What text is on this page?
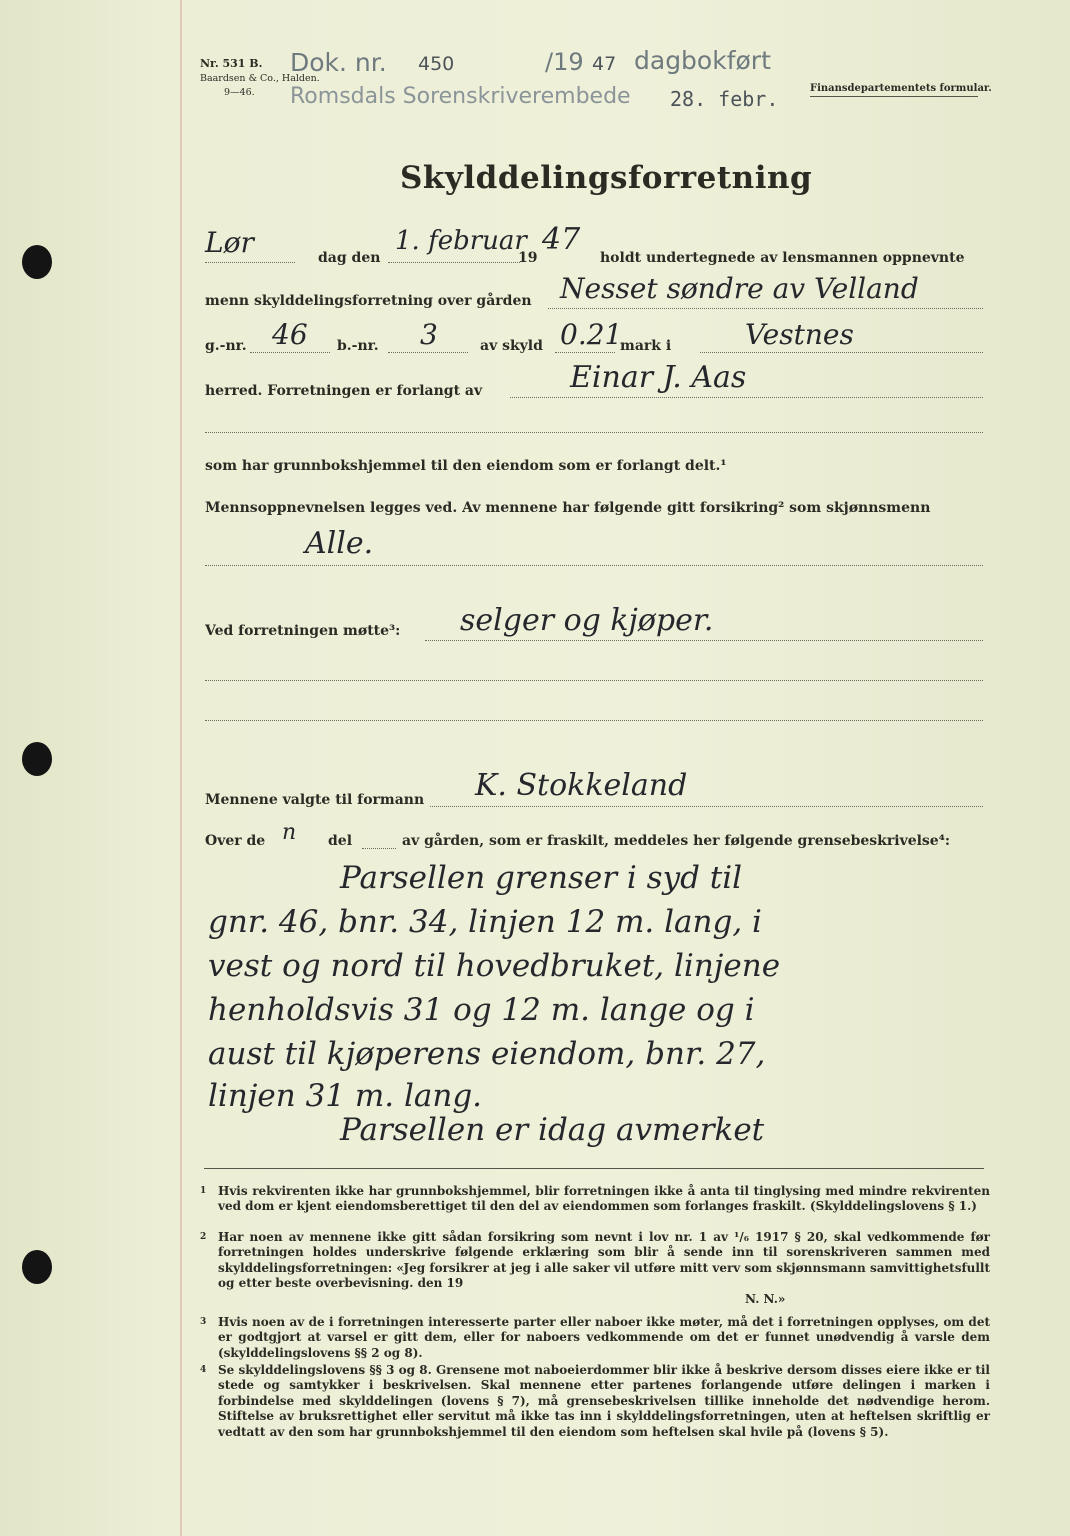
Nr. 531 B.
Baardsen & Co., Halden.
9—46.
Dok. nr. 450	/19 47 dagbokført
Romsdals Sorenskriverembede 28. febr.	Finansdepartementets formular.
Skylddelingsforretning
Lør	dag den
1. februar
19
47
holdt undertegnede av lensmannen oppnevnte
menn skylddelingsforretning over gården Nesset søndre av Velland
g.-nr. 46 b.-nr. 3	av skyld 0.21
mark i	Vestnes
herred. Forretningen er forlangt av	Einar J. Aas
som har grunnbokshjemmel til den eiendom som er forlangt delt.¹
Mennsoppnevnelsen legges ved. Av mennene har følgende gitt forsikring² som skjønnsmenn
Alle.
Ved forretningen møtte³: selger og kjøper.
Mennene valgte til formann K. Stokkeland
Over de n del	av gården, som er fraskilt, meddeles her følgende grensebeskrivelse⁴:
Parsellen grenser i syd til
gnr. 46, bnr. 34, linjen 12 m. lang, i
vest og nord til hovedbruket, linjene
henholdsvis 31 og 12 m. lange og i
aust til kjøperens eiendom, bnr. 27,
linjen 31 m. lang.
Parsellen er idag avmerket
1 Hvis rekvirenten ikke har grunnbokshjemmel, blir forretningen ikke å anta til tinglysing med mindre rekvirenten ved dom er kjent eiendomsberettiget til den del av eiendommen som forlanges fraskilt. (Skylddelingslovens § 1.)
2 Har noen av mennene ikke gitt sådan forsikring som nevnt i lov nr. 1 av ¹/₆ 1917 § 20, skal vedkommende før forretningen holdes underskrive følgende erklæring som blir å sende inn til sorenskriveren sammen med skylddelingsforretningen: «Jeg forsikrer at jeg i alle saker vil utføre mitt verv som skjønnsmann samvittighetsfullt og etter beste overbevisning. den 19
N. N.»
3 Hvis noen av de i forretningen interesserte parter eller naboer ikke møter, må det i forretningen opplyses, om det er godtgjort at varsel er gitt dem, eller for naboers vedkommende om det er funnet unødvendig å varsle dem (skylddelingslovens §§ 2 og 8).
4 Se skylddelingslovens §§ 3 og 8. Grensene mot naboeierdommer blir ikke å beskrive dersom disses eiere ikke er til stede og samtykker i beskrivelsen. Skal mennene etter partenes forlangende utføre delingen i marken i forbindelse med skylddelingen (lovens § 7), må grensebeskrivelsen tillike inneholde det nødvendige herom. Stiftelse av bruksrettighet eller servitut må ikke tas inn i skylddelingsforretningen, uten at heftelsen skriftlig er vedtatt av den som har grunnbokshjemmel til den eiendom som heftelsen skal hvile på (lovens § 5).
